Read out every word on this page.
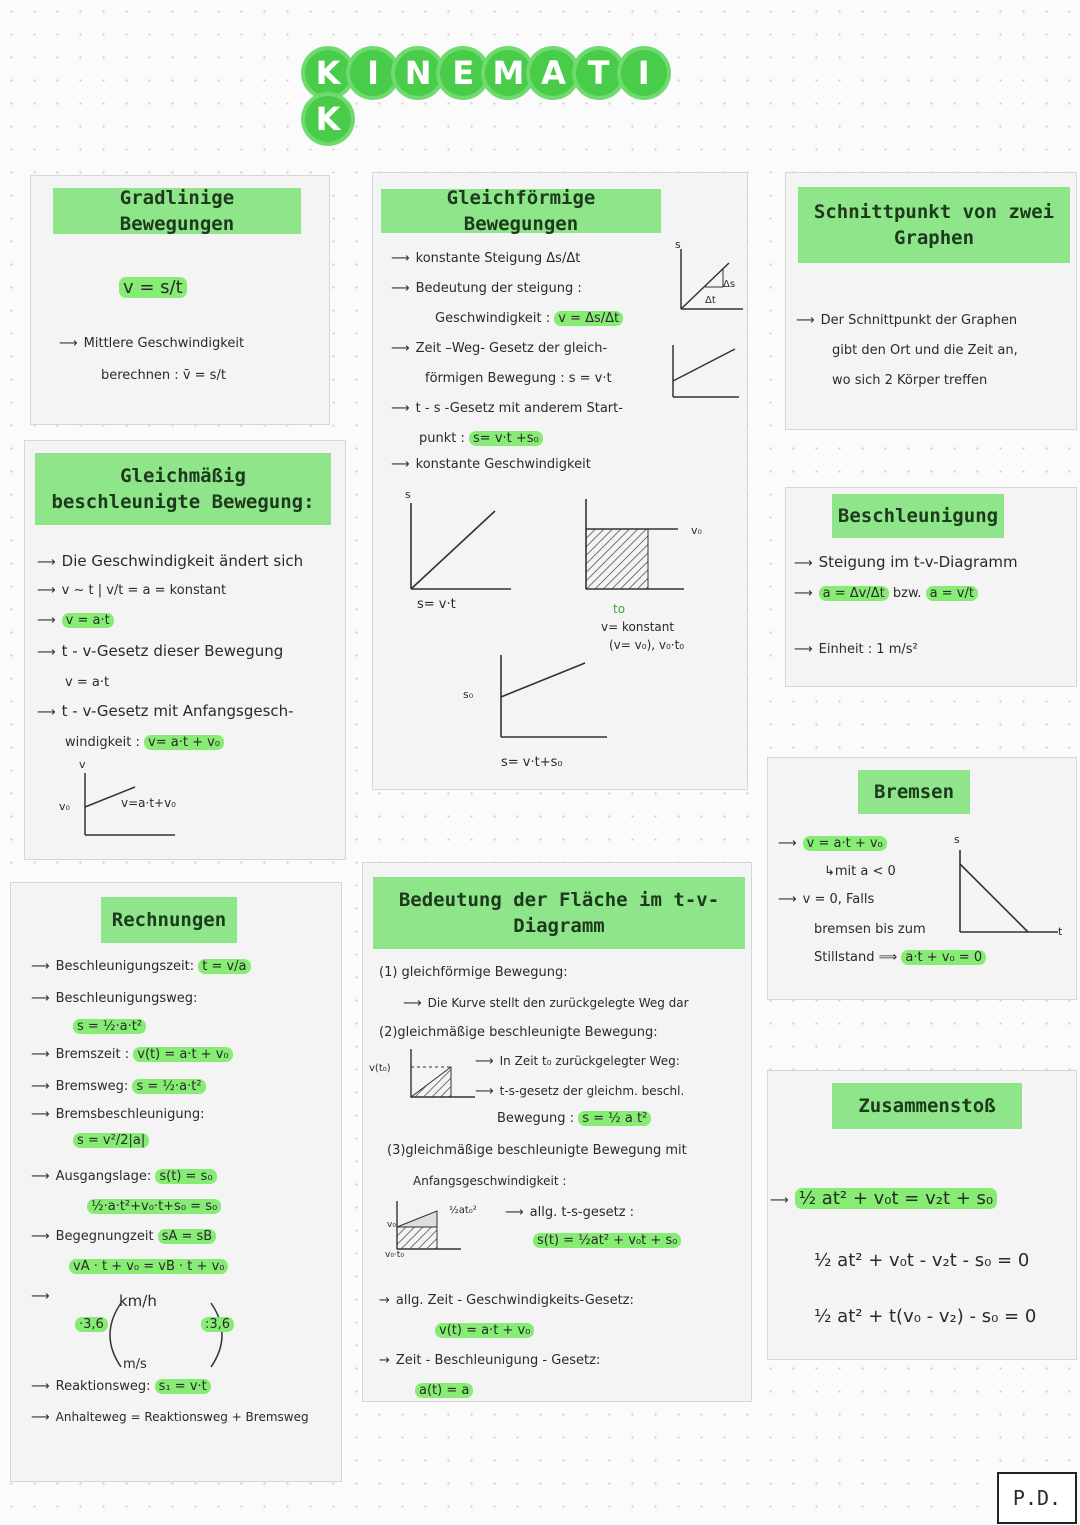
K I N E M A T I K
Gradlinige Bewegungen
v = s/t
⟶ Mittlere Geschwindigkeit
berechnen : v̄ = s/t
Gleichförmige Bewegungen
⟶ konstante Steigung Δs/Δt
⟶ Bedeutung der steigung :
Geschwindigkeit : v = Δs/Δt
⟶ Zeit –Weg- Gesetz der gleich-
förmigen Bewegung : s = v·t
⟶ t - s -Gesetz mit anderem Start-
punkt : s= v·t +s₀
⟶ konstante Geschwindigkeit
s
Δs
Δt
s
s= v·t
v₀
to
v= konstant
(v= v₀), v₀·t₀
s₀
s= v·t+s₀
Schnittpunkt von zwei Graphen
⟶ Der Schnittpunkt der Graphen
gibt den Ort und die Zeit an,
wo sich 2 Körper treffen
Gleichmäßig beschleunigte Bewegung:
⟶ Die Geschwindigkeit ändert sich
⟶ v ~ t | v/t = a = konstant
⟶ v = a·t
⟶ t - v-Gesetz dieser Bewegung
v = a·t
⟶ t - v-Gesetz mit Anfangsgesch-
windigkeit : v= a·t + v₀
v
v₀	v=a·t+v₀
Beschleunigung
⟶ Steigung im t-v-Diagramm
⟶ a = Δv/Δt bzw. a = v/t
⟶ Einheit : 1 m/s²
Bremsen
⟶ v = a·t + v₀
↳mit a < 0
⟶ v = 0, Falls
bremsen bis zum
Stillstand ⟹ a·t + v₀ = 0
s
t
Rechnungen
⟶ Beschleunigungszeit: t = v/a
⟶ Beschleunigungsweg:
s = ½·a·t²
⟶ Bremszeit : v(t) = a·t + v₀
⟶ Bremsweg: s = ½·a·t²
⟶ Bremsbeschleunigung:
s = v²/2|a|
⟶ Ausgangslage: s(t) = s₀
½·a·t²+v₀·t+s₀ = s₀
⟶ Begegnungzeit sA = sB
vA · t + v₀ = vB · t + v₀
⟶	km/h
m/s
·3,6	:3,6
⟶ Reaktionsweg: s₁ = v·t
⟶ Anhalteweg = Reaktionsweg + Bremsweg
Bedeutung der Fläche im t-v-Diagramm
(1) gleichförmige Bewegung:
⟶ Die Kurve stellt den zurückgelegte Weg dar
(2)gleichmäßige beschleunigte Bewegung:
v(t₀)	⟶ In Zeit t₀ zurückgelegter Weg:
⟶ t-s-gesetz der gleichm. beschl.
Bewegung : s = ½ a t²
(3)gleichmäßige beschleunigte Bewegung mit
Anfangsgeschwindigkeit :
v₀
v₀·t₀
½at₀² ⟶ allg. t-s-gesetz :
s(t) = ½at² + v₀t + s₀
→ allg. Zeit - Geschwindigkeits-Gesetz:
v(t) = a·t + v₀
→ Zeit - Beschleunigung - Gesetz:
a(t) = a
Zusammenstoß
⟶ ½ at² + v₀t = v₂t + s₀
½ at² + v₀t - v₂t - s₀ = 0
½ at² + t(v₀ - v₂) - s₀ = 0
P.D.
